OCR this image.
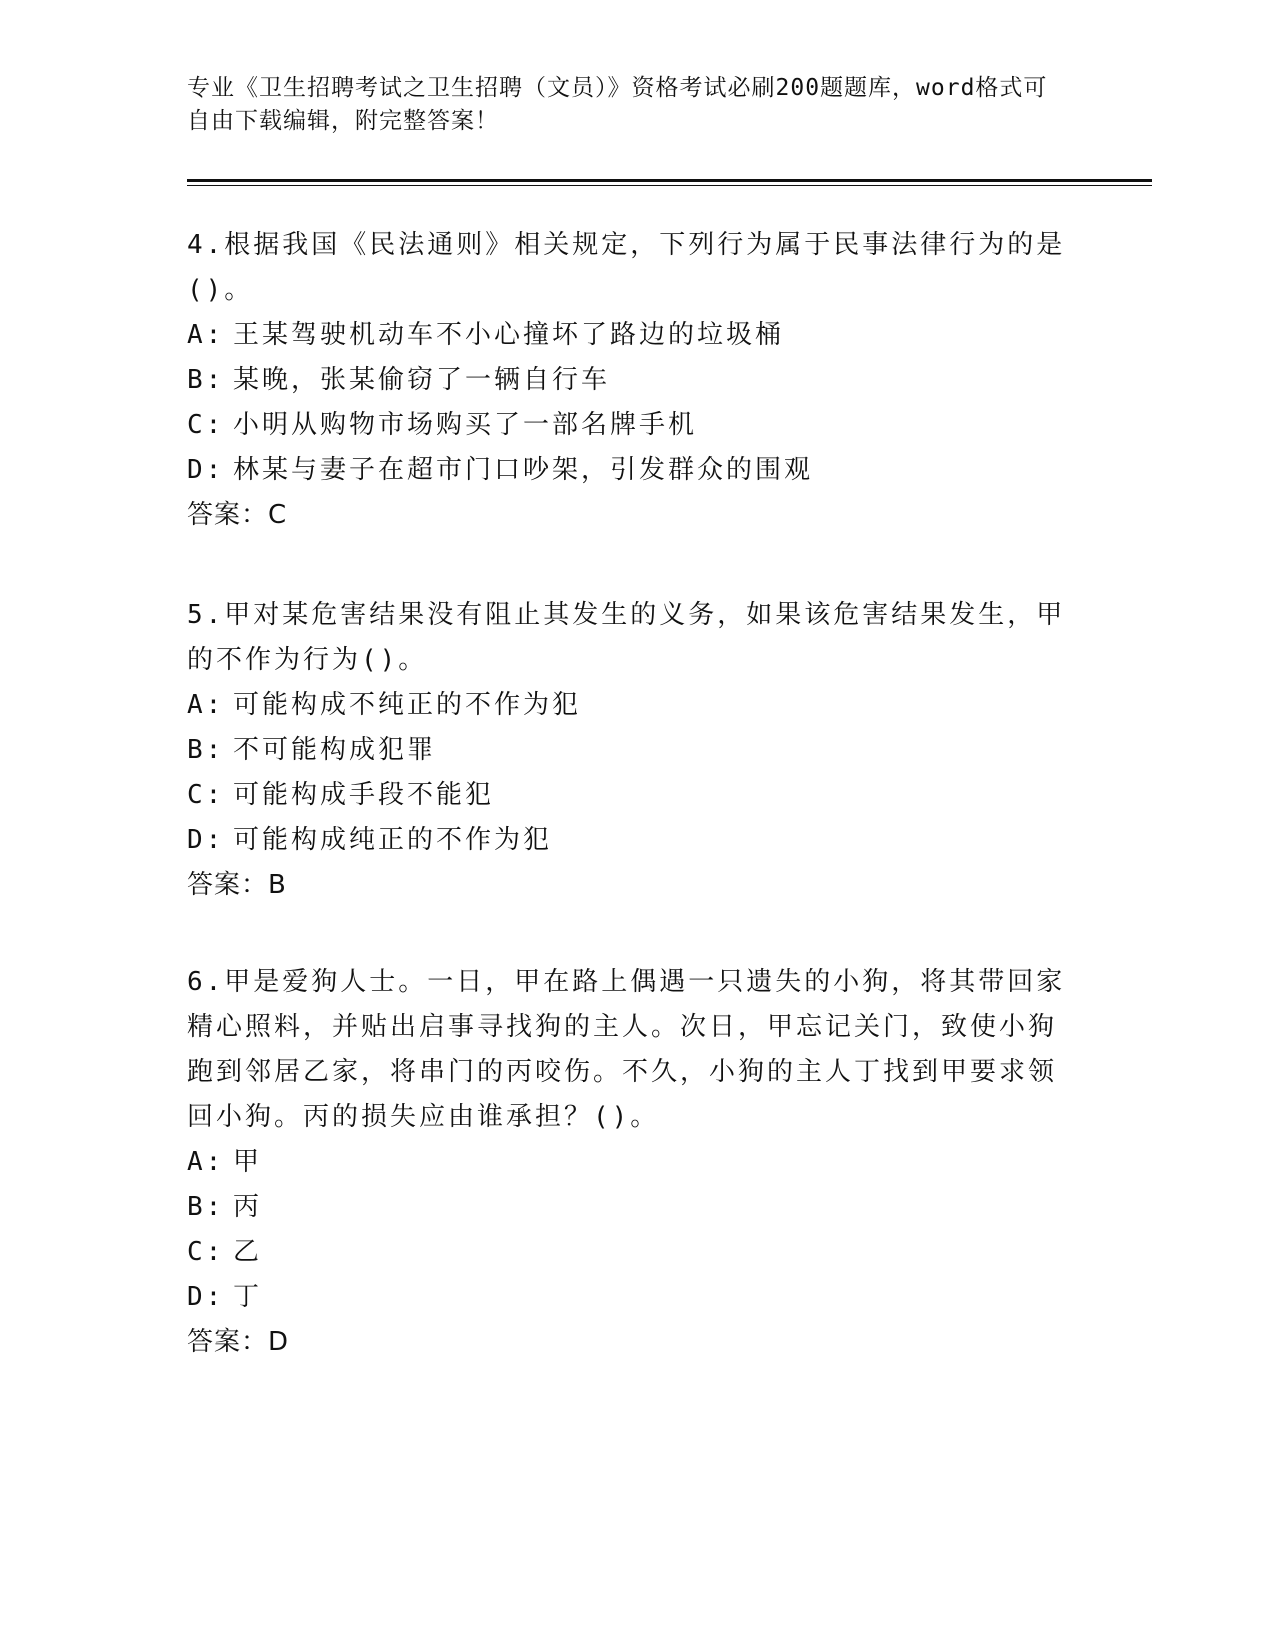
专业《卫生招聘考试之卫生招聘（文员）》资格考试必刷200题题库，word格式可自由下载编辑，附完整答案！

4.根据我国《民法通则》相关规定，下列行为属于民事法律行为的是()。

A: 王某驾驶机动车不小心撞坏了路边的垃圾桶

B: 某晚，张某偷窃了一辆自行车

C: 小明从购物市场购买了一部名牌手机

D: 林某与妻子在超市门口吵架，引发群众的围观

答案：C

5.甲对某危害结果没有阻止其发生的义务，如果该危害结果发生，甲的不作为行为()。

A: 可能构成不纯正的不作为犯

B: 不可能构成犯罪

C: 可能构成手段不能犯

D: 可能构成纯正的不作为犯

答案：B

6.甲是爱狗人士。一日，甲在路上偶遇一只遗失的小狗，将其带回家精心照料，并贴出启事寻找狗的主人。次日，甲忘记关门，致使小狗跑到邻居乙家，将串门的丙咬伤。不久，小狗的主人丁找到甲要求领回小狗。丙的损失应由谁承担？()。

A: 甲

B: 丙

C: 乙

D: 丁

答案：D
